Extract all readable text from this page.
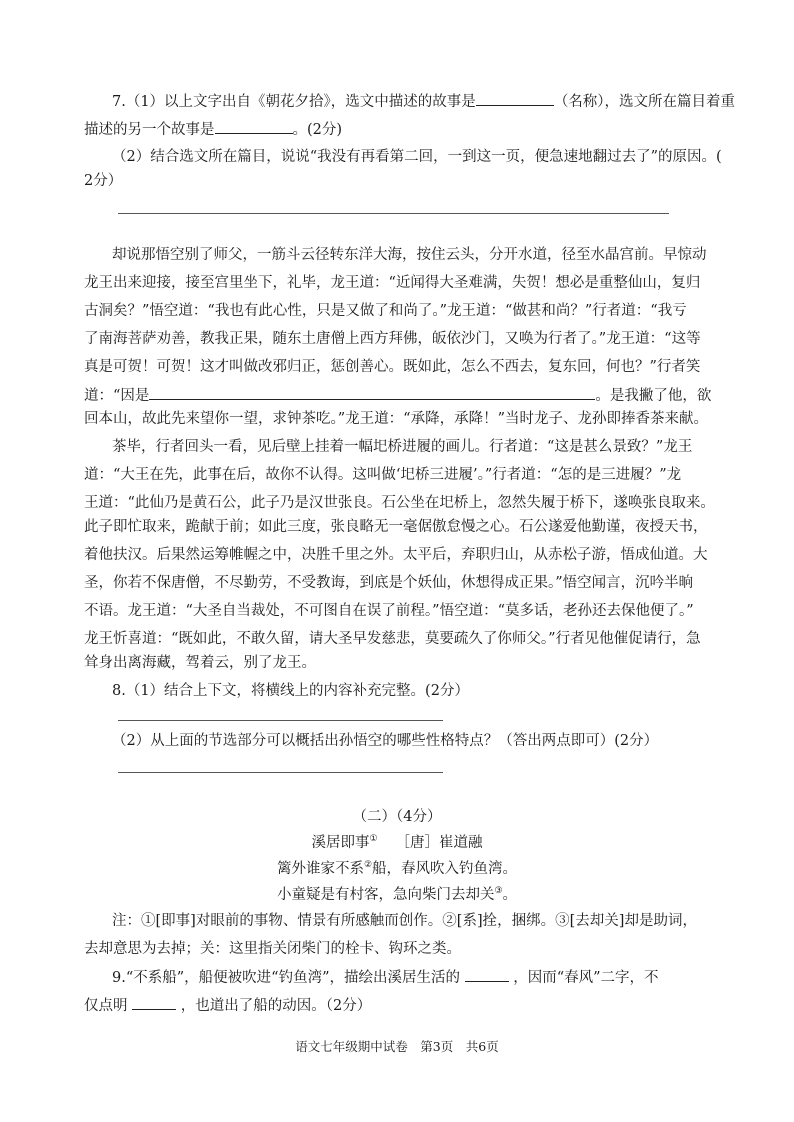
7.（1）以上文字出自《朝花夕拾》，选文中描述的故事是	（名称），选文所在篇目着重
描述的另一个故事是	。(2分)
（2）结合选文所在篇目，说说“我没有再看第二回，一到这一页，便急速地翻过去了”的原因。(
2分）
却说那悟空别了师父，一筋斗云径转东洋大海，按住云头，分开水道，径至水晶宫前。早惊动
龙王出来迎接，接至宫里坐下，礼毕，龙王道：“近闻得大圣难满，失贺！想必是重整仙山，复归
古洞矣？”悟空道：“我也有此心性，只是又做了和尚了。”龙王道：“做甚和尚？”行者道：“我亏
了南海菩萨劝善，教我正果，随东土唐僧上西方拜佛，皈依沙门，又唤为行者了。”龙王道：“这等
真是可贺！可贺！这才叫做改邪归正，惩创善心。既如此，怎么不西去，复东回，何也？”行者笑
道：“因是	。是我撇了他，欲
回本山，故此先来望你一望，求钟茶吃。”龙王道：“承降，承降！”当时龙子、龙孙即捧香茶来献。
茶毕，行者回头一看，见后壁上挂着一幅圯桥进履的画儿。行者道：“这是甚么景致？”龙王
道：“大王在先，此事在后，故你不认得。这叫做‘圯桥三进履’。”行者道：“怎的是三进履？”龙
王道：“此仙乃是黄石公，此子乃是汉世张良。石公坐在圯桥上，忽然失履于桥下，遂唤张良取来。
此子即忙取来，跪献于前；如此三度，张良略无一毫倨傲怠慢之心。石公遂爱他勤谨，夜授天书，
着他扶汉。后果然运筹帷幄之中，决胜千里之外。太平后，弃职归山，从赤松子游，悟成仙道。大
圣，你若不保唐僧，不尽勤劳，不受教诲，到底是个妖仙，休想得成正果。”悟空闻言，沉吟半晌
不语。龙王道：“大圣自当裁处，不可图自在误了前程。”悟空道：“莫多话，老孙还去保他便了。”
龙王忻喜道：“既如此，不敢久留，请大圣早发慈悲，莫要疏久了你师父。”行者见他催促请行，急
耸身出离海藏，驾着云，别了龙王。
8.（1）结合上下文，将横线上的内容补充完整。(2分）
（2）从上面的节选部分可以概括出孙悟空的哪些性格特点？（答出两点即可）(2分）
（二）（4分）
溪居即事① ［唐］崔道融
篱外谁家不系②船，春风吹入钓鱼湾。
小童疑是有村客，急向柴门去却关③。
注：①[即事]对眼前的事物、情景有所感触而创作。②[系]拴，捆绑。③[去却关]却是助词，
去却意思为去掉；关：这里指关闭柴门的栓卡、钩环之类。
9.“不系船”，船便被吹进“钓鱼湾”，描绘出溪居生活的	，因而“春风”二字，不
仅点明	，也道出了船的动因。（2分）
语文七年级期中试卷　第3页　共6页
